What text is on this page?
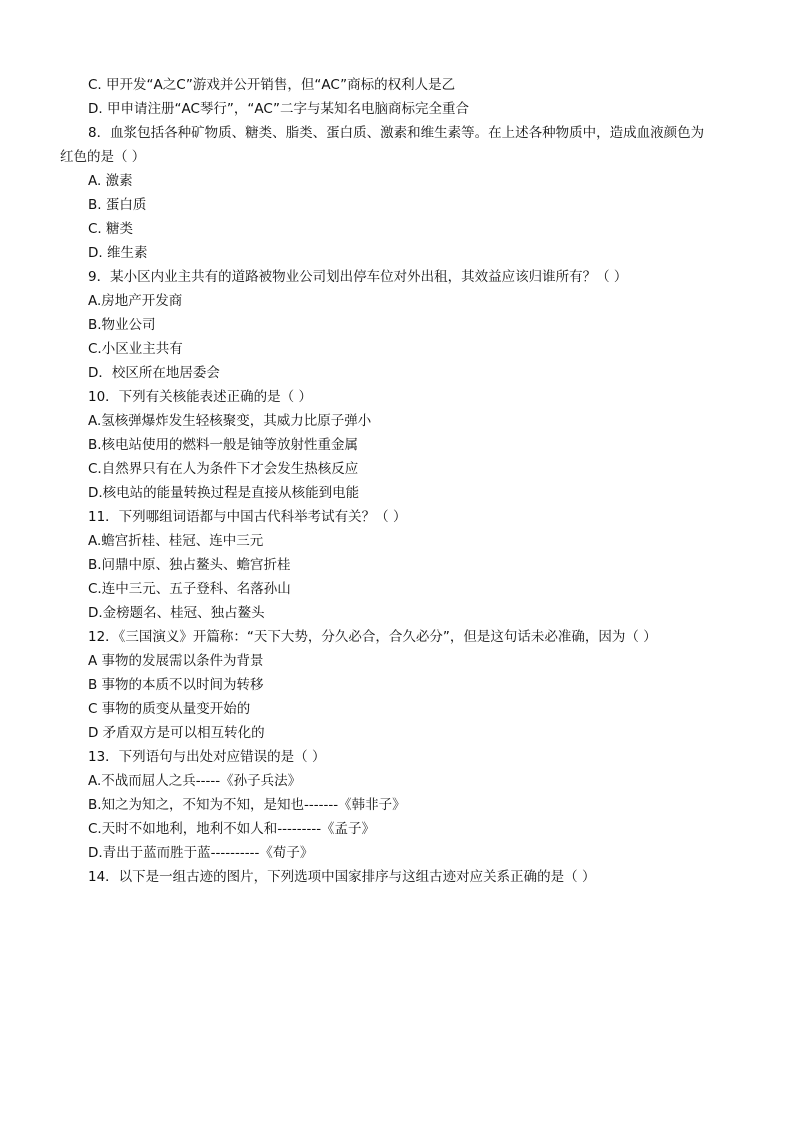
C. 甲开发“A之C”游戏并公开销售，但“AC”商标的权利人是乙
D. 甲申请注册“AC琴行”，“AC”二字与某知名电脑商标完全重合
8．血浆包括各种矿物质、糖类、脂类、蛋白质、激素和维生素等。在上述各种物质中，造成血液颜色为
红色的是（ ）
A. 激素
B. 蛋白质
C. 糖类
D. 维生素
9．某小区内业主共有的道路被物业公司划出停车位对外出租，其效益应该归谁所有？（ ）
A.房地产开发商
B.物业公司
C.小区业主共有
D．校区所在地居委会
10．下列有关核能表述正确的是（ ）
A.氢核弹爆炸发生轻核聚变，其威力比原子弹小
B.核电站使用的燃料一般是铀等放射性重金属
C.自然界只有在人为条件下才会发生热核反应
D.核电站的能量转换过程是直接从核能到电能
11．下列哪组词语都与中国古代科举考试有关？（ ）
A.蟾宫折桂、桂冠、连中三元
B.问鼎中原、独占鳌头、蟾宫折桂
C.连中三元、五子登科、名落孙山
D.金榜题名、桂冠、独占鳌头
12．《三国演义》开篇称：“天下大势，分久必合，合久必分”，但是这句话未必准确，因为（ ）
A 事物的发展需以条件为背景
B 事物的本质不以时间为转移
C 事物的质变从量变开始的
D 矛盾双方是可以相互转化的
13．下列语句与出处对应错误的是（ ）
A.不战而屈人之兵-----《孙子兵法》
B.知之为知之，不知为不知，是知也-------《韩非子》
C.天时不如地利，地利不如人和---------《孟子》
D.青出于蓝而胜于蓝----------《荀子》
14．以下是一组古迹的图片，下列选项中国家排序与这组古迹对应关系正确的是（ ）
